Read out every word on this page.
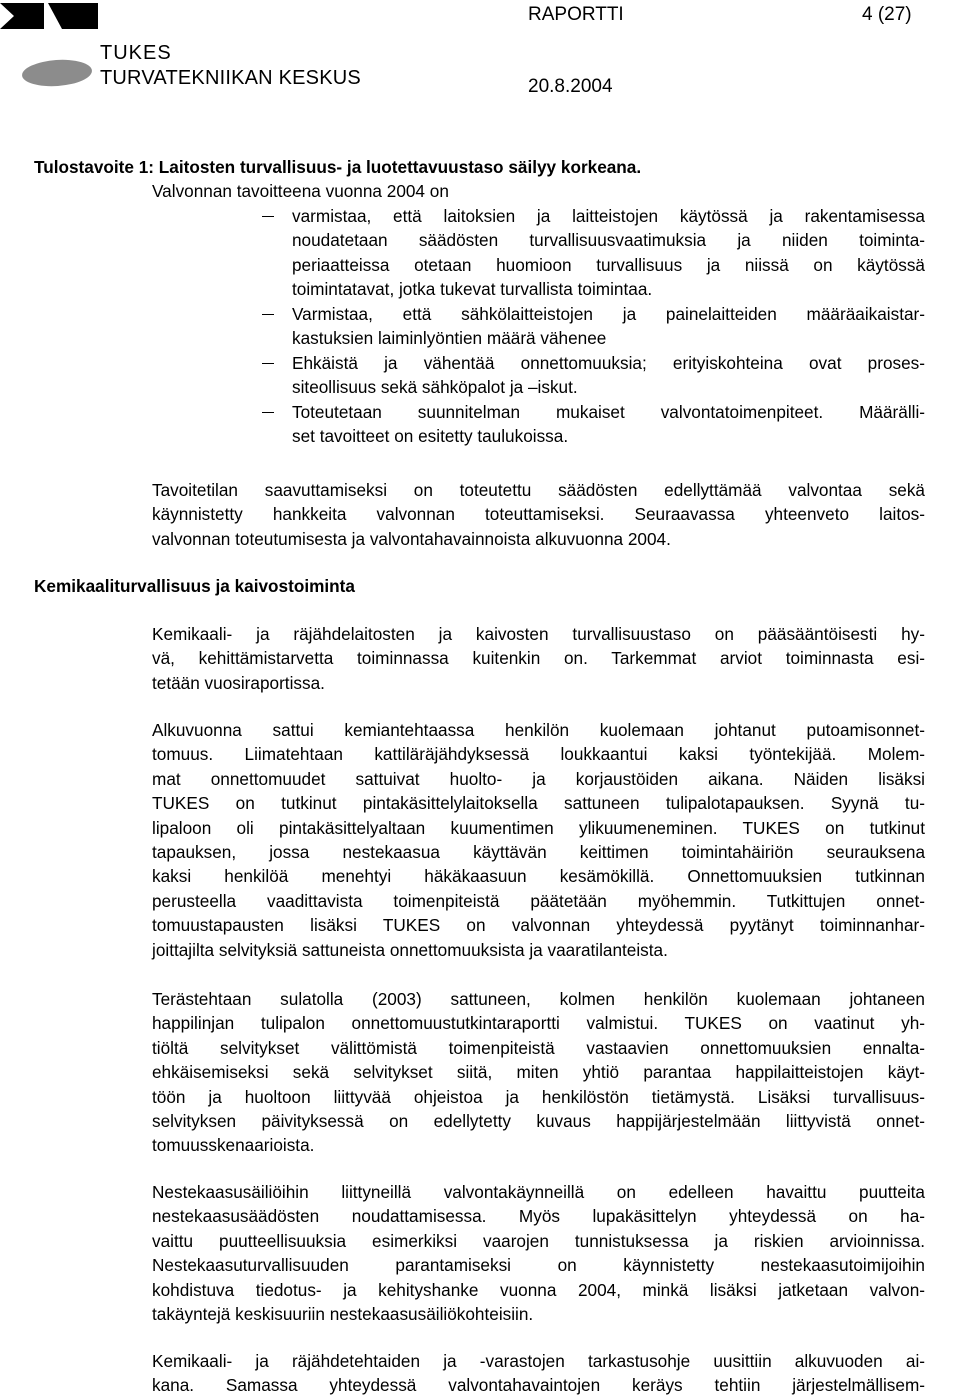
TUKES
TURVATEKNIIKAN KESKUS
RAPORTTI	4 (27)
20.8.2004
Tulostavoite 1: Laitosten turvallisuus- ja luotettavuustaso säilyy korkeana.
Valvonnan tavoitteena vuonna 2004 on
varmistaa, että laitoksien ja laitteistojen käytössä ja rakentamisessa
noudatetaan säädösten turvallisuusvaatimuksia ja niiden toiminta-
periaatteissa otetaan huomioon turvallisuus ja niissä on käytössä
toimintatavat, jotka tukevat turvallista toimintaa.
Varmistaa, että sähkölaitteistojen ja painelaitteiden määräaikaistar-
kastuksien laiminlyöntien määrä vähenee
Ehkäistä ja vähentää onnettomuuksia; erityiskohteina ovat proses-
siteollisuus sekä sähköpalot ja –iskut.
Toteutetaan suunnitelman mukaiset valvontatoimenpiteet. Määrälli-
set tavoitteet on esitetty taulukoissa.
Tavoitetilan saavuttamiseksi on toteutettu säädösten edellyttämää valvontaa sekä
käynnistetty hankkeita valvonnan toteuttamiseksi. Seuraavassa yhteenveto laitos-
valvonnan toteutumisesta ja valvontahavainnoista alkuvuonna 2004.
Kemikaaliturvallisuus ja kaivostoiminta
Kemikaali- ja räjähdelaitosten ja kaivosten turvallisuustaso on pääsääntöisesti hy-
vä, kehittämistarvetta toiminnassa kuitenkin on. Tarkemmat arviot toiminnasta esi-
tetään vuosiraportissa.
Alkuvuonna sattui kemiantehtaassa henkilön kuolemaan johtanut putoamisonnet-
tomuus. Liimatehtaan kattiläräjähdyksessä loukkaantui kaksi työntekijää. Molem-
mat onnettomuudet sattuivat huolto- ja korjaustöiden aikana. Näiden lisäksi
TUKES on tutkinut pintakäsittelylaitoksella sattuneen tulipalotapauksen. Syynä tu-
lipaloon oli pintakäsittelyaltaan kuumentimen ylikuumeneminen. TUKES on tutkinut
tapauksen, jossa nestekaasua käyttävän keittimen toimintahäiriön seurauksena
kaksi henkilöä menehtyi häkäkaasuun kesämökillä. Onnettomuuksien tutkinnan
perusteella vaadittavista toimenpiteistä päätetään myöhemmin. Tutkittujen onnet-
tomuustapausten lisäksi TUKES on valvonnan yhteydessä pyytänyt toiminnanhar-
joittajilta selvityksiä sattuneista onnettomuuksista ja vaaratilanteista.
Terästehtaan sulatolla (2003) sattuneen, kolmen henkilön kuolemaan johtaneen
happilinjan tulipalon onnettomuustutkintaraportti valmistui. TUKES on vaatinut yh-
tiöltä selvitykset välittömistä toimenpiteistä vastaavien onnettomuuksien ennalta-
ehkäisemiseksi sekä selvitykset siitä, miten yhtiö parantaa happilaitteistojen käyt-
töön ja huoltoon liittyvää ohjeistoa ja henkilöstön tietämystä. Lisäksi turvallisuus-
selvityksen päivityksessä on edellytetty kuvaus happijärjestelmään liittyvistä onnet-
tomuusskenaarioista.
Nestekaasusäiliöihin liittyneillä valvontakäynneillä on edelleen havaittu puutteita
nestekaasusäädösten noudattamisessa. Myös lupakäsittelyn yhteydessä on ha-
vaittu puutteellisuuksia esimerkiksi vaarojen tunnistuksessa ja riskien arvioinnissa.
Nestekaasuturvallisuuden parantamiseksi on käynnistetty nestekaasutoimijoihin
kohdistuva tiedotus- ja kehityshanke vuonna 2004, minkä lisäksi jatketaan valvon-
takäyntejä keskisuuriin nestekaasusäiliökohteisiin.
Kemikaali- ja räjähdetehtaiden ja -varastojen tarkastusohje uusittiin alkuvuoden ai-
kana. Samassa yhteydessä valvontahavaintojen keräys tehtiin järjestelmällisem-
